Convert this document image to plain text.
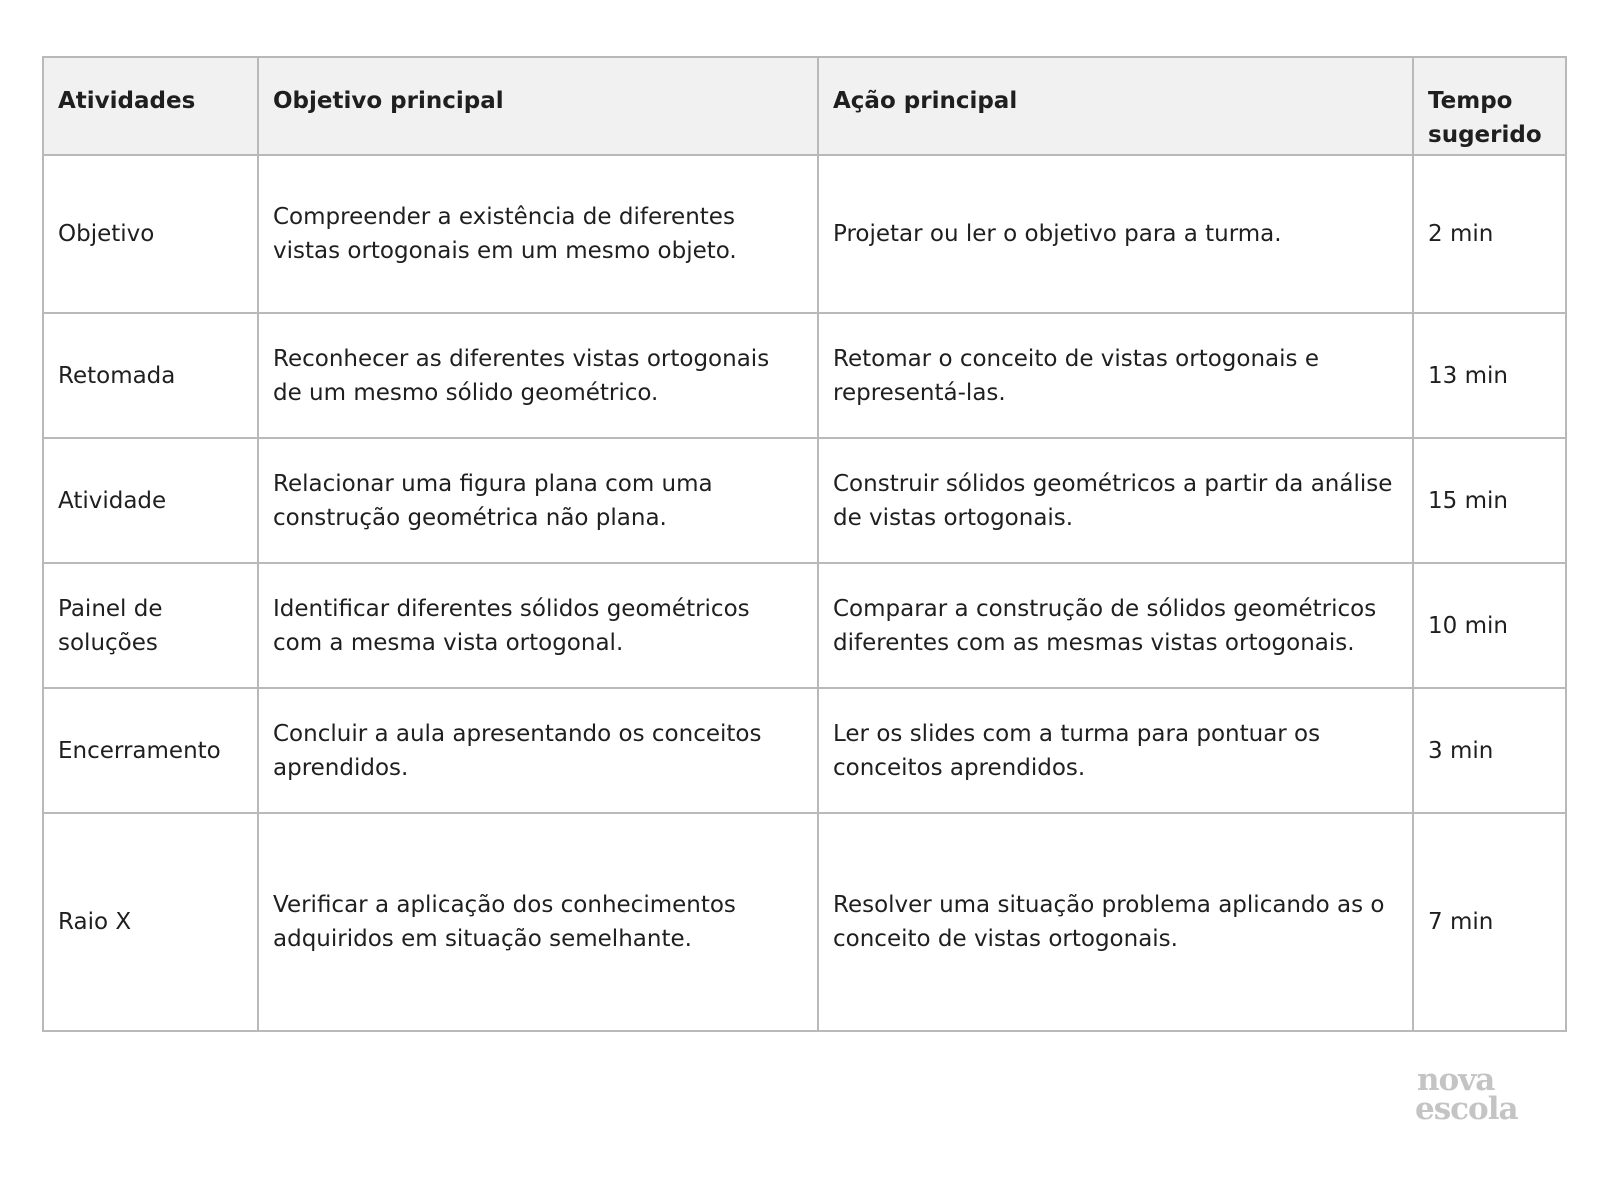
Atividades	Objetivo principal	Ação principal	Tempo sugerido
Objetivo	Compreender a existência de diferentes vistas ortogonais em um mesmo objeto.	Projetar ou ler o objetivo para a turma.	2 min
Retomada	Reconhecer as diferentes vistas ortogonais de um mesmo sólido geométrico.	Retomar o conceito de vistas ortogonais e representá-las.	13 min
Atividade	Relacionar uma figura plana com uma construção geométrica não plana.	Construir sólidos geométricos a partir da análise de vistas ortogonais.	15 min
Painel de soluções	Identificar diferentes sólidos geométricos com a mesma vista ortogonal.	Comparar a construção de sólidos geométricos diferentes com as mesmas vistas ortogonais.	10 min
Encerramento	Concluir a aula apresentando os conceitos aprendidos.	Ler os slides com a turma para pontuar os conceitos aprendidos.	3 min
Raio X	Verificar a aplicação dos conhecimentos adquiridos em situação semelhante.	Resolver uma situação problema aplicando as o conceito de vistas ortogonais.	7 min
nova
escola
